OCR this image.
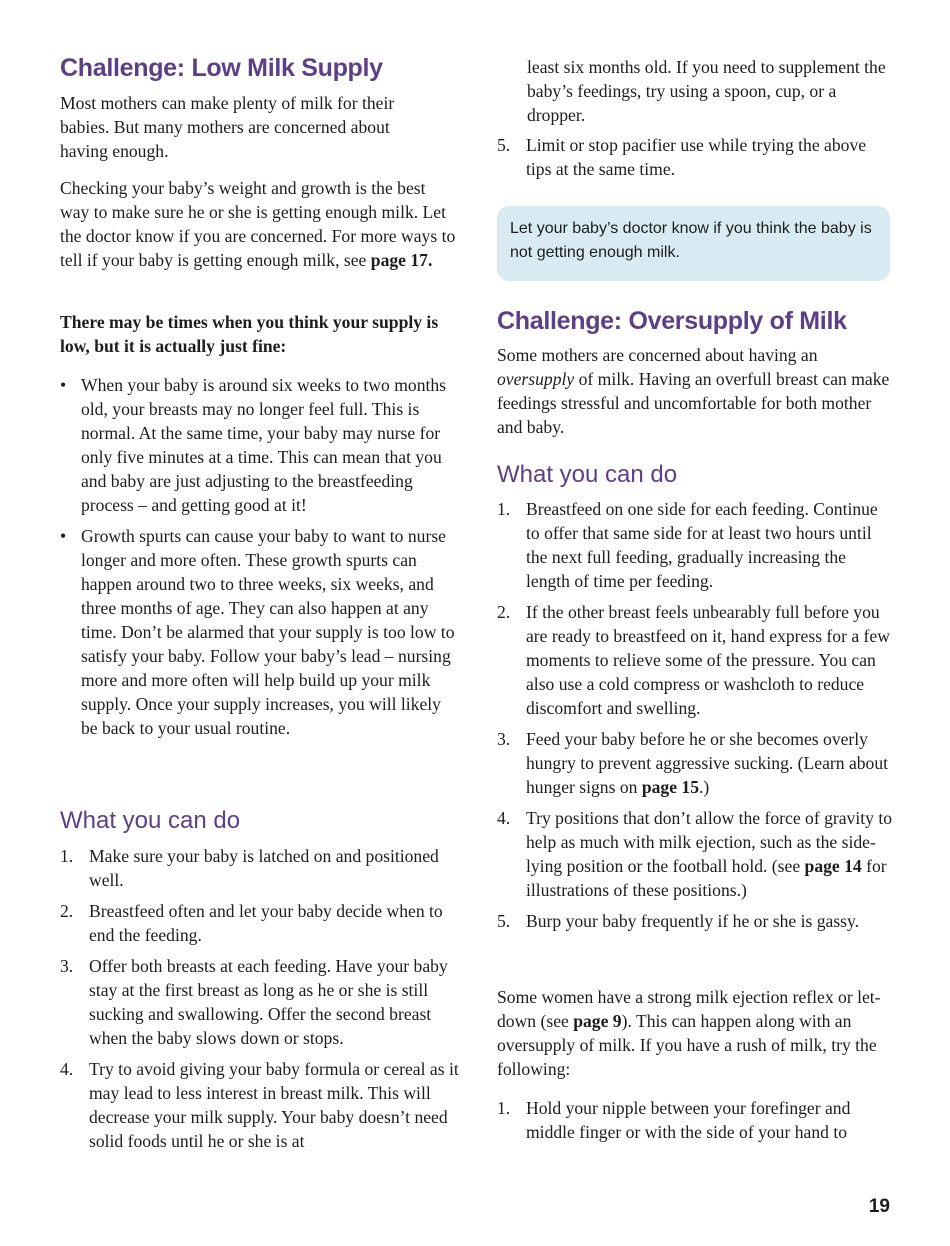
Challenge: Low Milk Supply

Most mothers can make plenty of milk for their babies. But many mothers are concerned about having enough.

Checking your baby’s weight and growth is the best way to make sure he or she is getting enough milk. Let the doctor know if you are concerned. For more ways to tell if your baby is getting enough milk, see page 17.

There may be times when you think your supply is low, but it is actually just fine:

• When your baby is around six weeks to two months old, your breasts may no longer feel full. This is normal. At the same time, your baby may nurse for only five minutes at a time. This can mean that you and baby are just adjusting to the breastfeeding process – and getting good at it!
• Growth spurts can cause your baby to want to nurse longer and more often. These growth spurts can happen around two to three weeks, six weeks, and three months of age. They can also happen at any time. Don’t be alarmed that your supply is too low to satisfy your baby. Follow your baby’s lead – nursing more and more often will help build up your milk supply. Once your supply increases, you will likely be back to your usual routine.
What you can do
1. Make sure your baby is latched on and positioned well.
2. Breastfeed often and let your baby decide when to end the feeding.
3. Offer both breasts at each feeding. Have your baby stay at the first breast as long as he or she is still sucking and swallowing. Offer the second breast when the baby slows down or stops.
4. Try to avoid giving your baby formula or cereal as it may lead to less interest in breast milk. This will decrease your milk supply. Your baby doesn’t need solid foods until he or she is at

least six months old. If you need to supplement the baby’s feedings, try using a spoon, cup, or a dropper.

5. Limit or stop pacifier use while trying the above tips at the same time.
Let your baby’s doctor know if you think the baby is not getting enough milk.
Challenge: Oversupply of Milk

Some mothers are concerned about having an oversupply of milk. Having an overfull breast can make feedings stressful and uncomfortable for both mother and baby.

What you can do
1. Breastfeed on one side for each feeding. Continue to offer that same side for at least two hours until the next full feeding, gradually increasing the length of time per feeding.
2. If the other breast feels unbearably full before you are ready to breastfeed on it, hand express for a few moments to relieve some of the pressure. You can also use a cold compress or washcloth to reduce discomfort and swelling.
3. Feed your baby before he or she becomes overly hungry to prevent aggressive sucking. (Learn about hunger signs on page 15.)
4. Try positions that don’t allow the force of gravity to help as much with milk ejection, such as the side-lying position or the football hold. (see page 14 for illustrations of these positions.)
5. Burp your baby frequently if he or she is gassy.

Some women have a strong milk ejection reflex or let-down (see page 9). This can happen along with an oversupply of milk. If you have a rush of milk, try the following:

1. Hold your nipple between your forefinger and middle finger or with the side of your hand to
19
